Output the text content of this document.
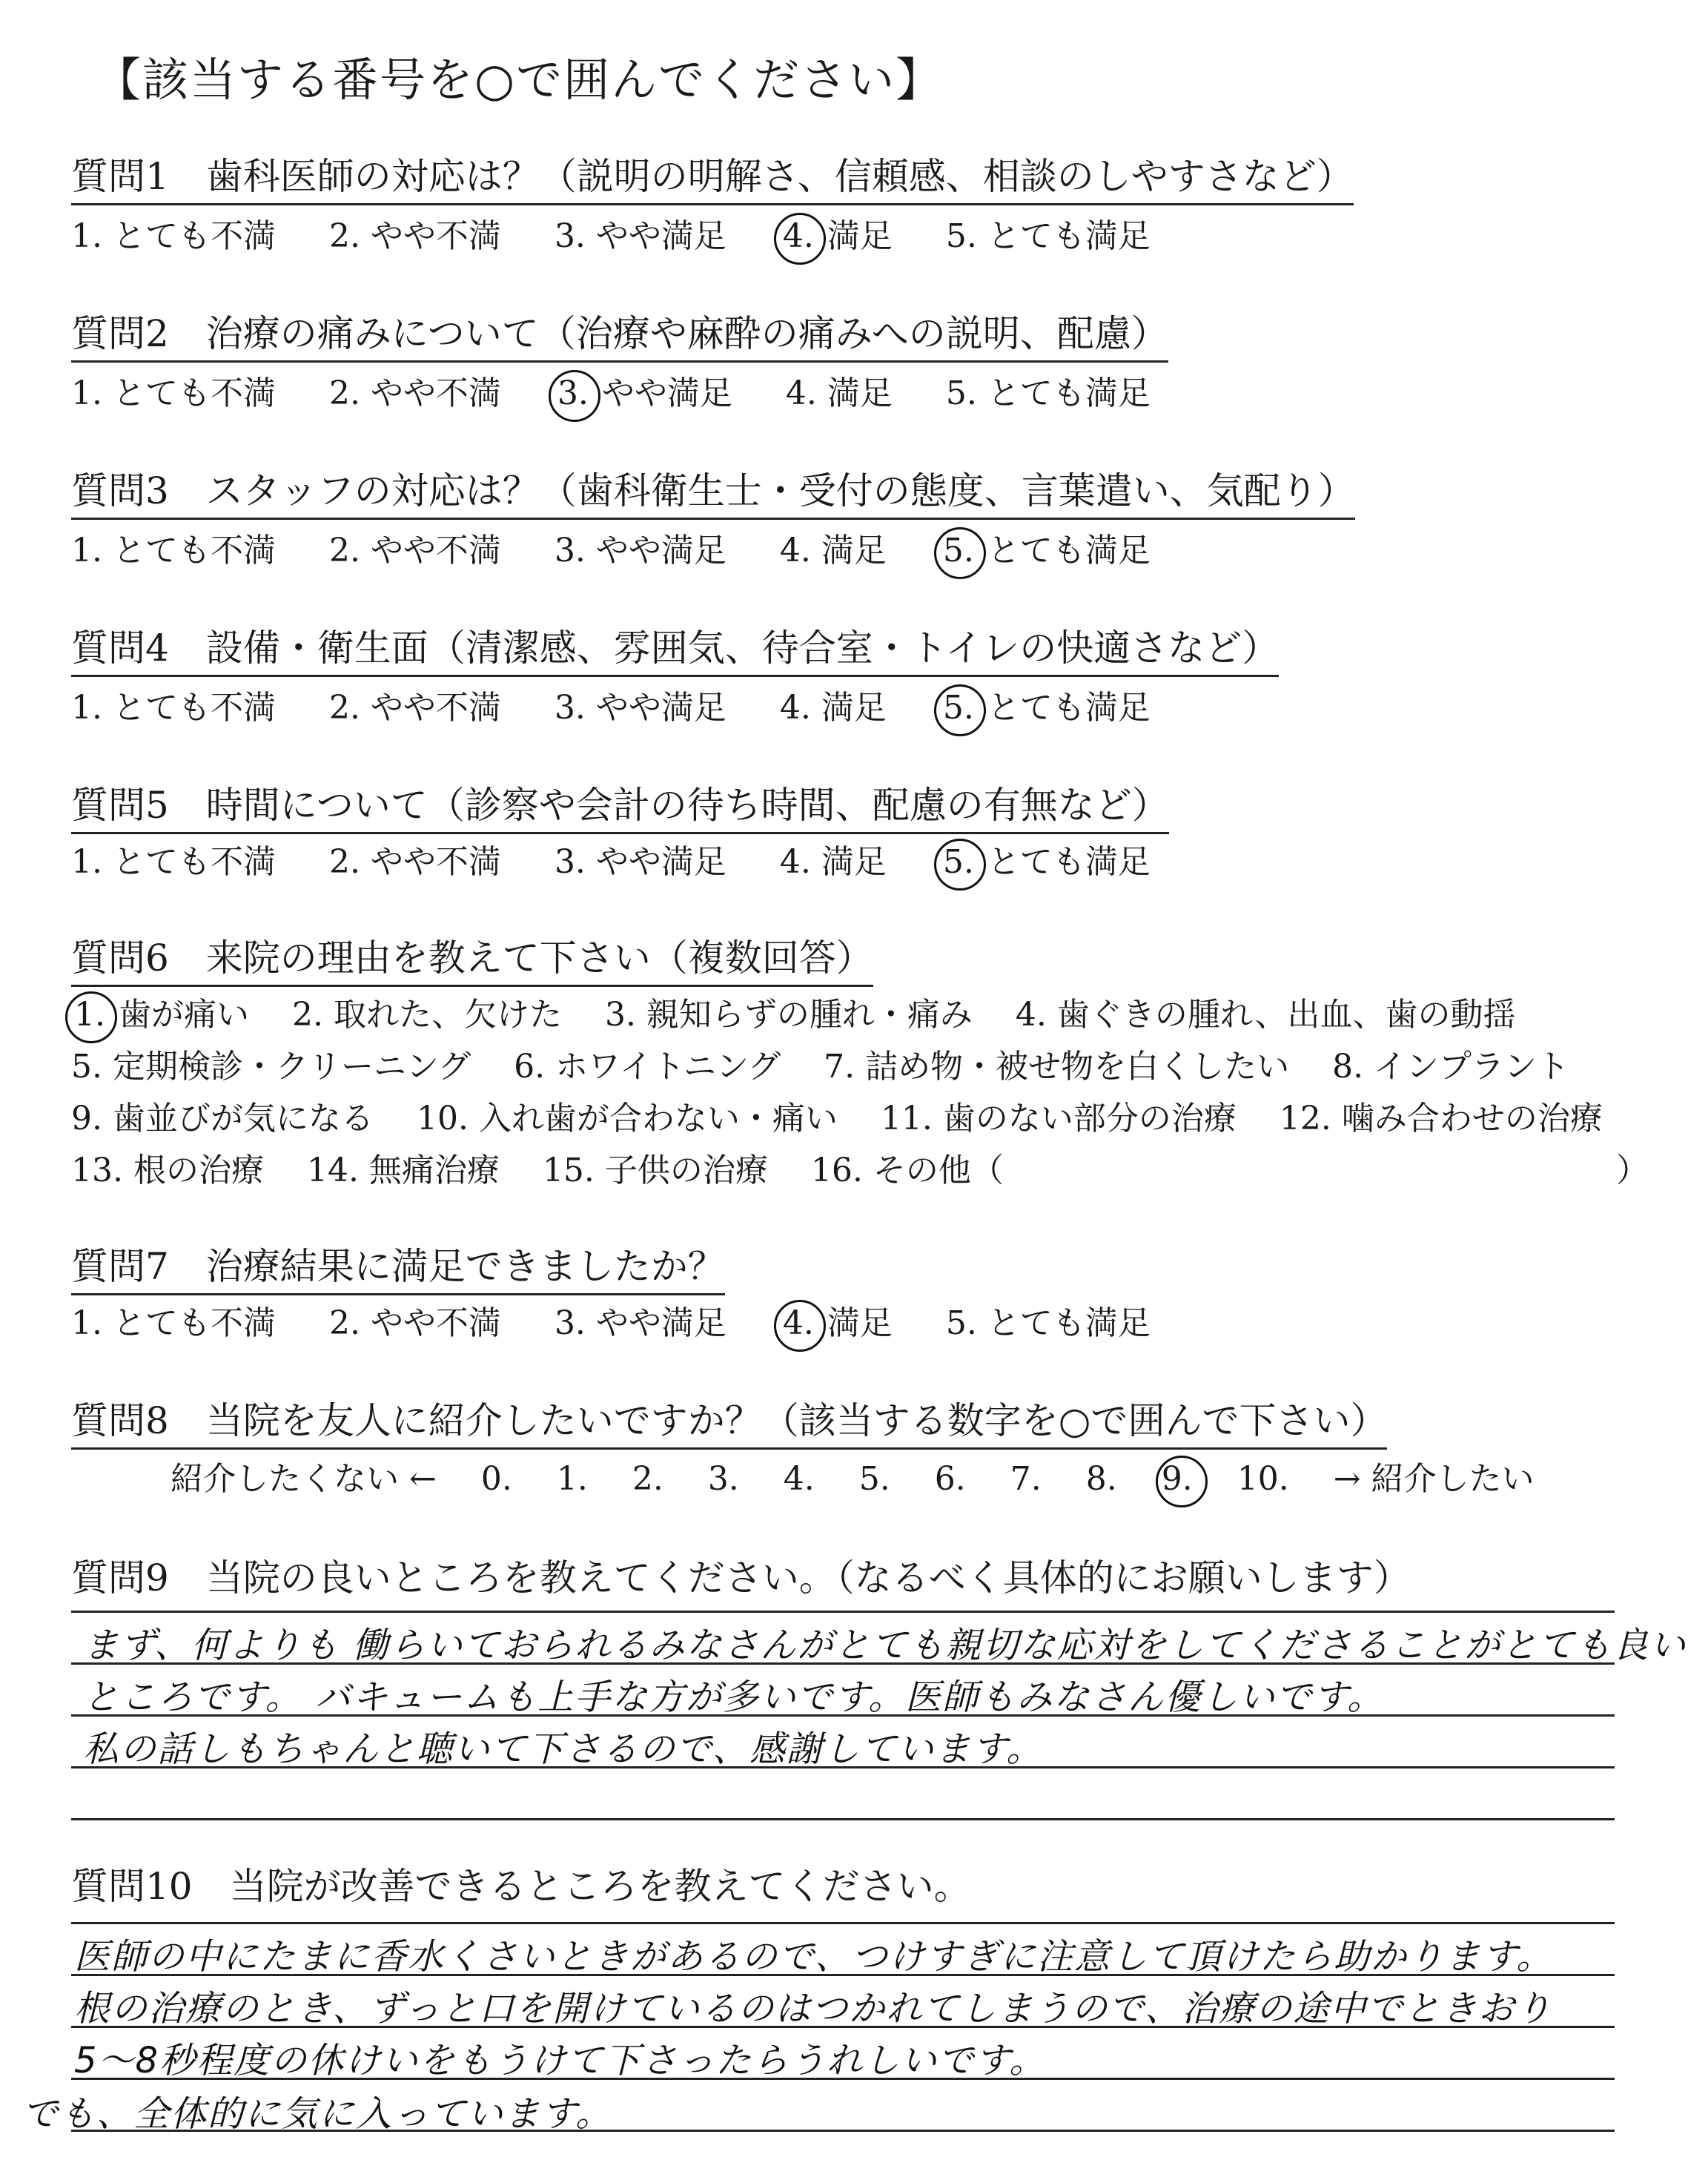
【該当する番号を○で囲んでください】
質問1　歯科医師の対応は？（説明の明解さ、信頼感、相談のしやすさなど）
1. とても不満 2. やや不満 3. やや満足 4. 満足 5. とても満足
質問2　治療の痛みについて（治療や麻酔の痛みへの説明、配慮）
1. とても不満 2. やや不満 3. やや満足 4. 満足 5. とても満足
質問3　スタッフの対応は？（歯科衛生士・受付の態度、言葉遣い、気配り）
1. とても不満 2. やや不満 3. やや満足 4. 満足 5. とても満足
質問4　設備・衛生面（清潔感、雰囲気、待合室・トイレの快適さなど）
1. とても不満 2. やや不満 3. やや満足 4. 満足 5. とても満足
質問5　時間について（診察や会計の待ち時間、配慮の有無など）
1. とても不満 2. やや不満 3. やや満足 4. 満足 5. とても満足
質問6　来院の理由を教えて下さい（複数回答）
1. 歯が痛い 2. 取れた、欠けた 3. 親知らずの腫れ・痛み 4. 歯ぐきの腫れ、出血、歯の動揺
5. 定期検診・クリーニング 6. ホワイトニング 7. 詰め物・被せ物を白くしたい 8. インプラント
9. 歯並びが気になる 10. 入れ歯が合わない・痛い 11. 歯のない部分の治療 12. 噛み合わせの治療
13. 根の治療 14. 無痛治療 15. 子供の治療 16. その他（	）
質問7　治療結果に満足できましたか？
1. とても不満 2. やや不満 3. やや満足 4. 満足 5. とても満足
質問8　当院を友人に紹介したいですか？（該当する数字を○で囲んで下さい）
紹介したくない ← 0. 1. 2. 3. 4. 5. 6. 7. 8. 9. 10. → 紹介したい
質問9　当院の良いところを教えてください。（なるべく具体的にお願いします）
まず、何よりも 働らいておられるみなさんがとても親切な応対をしてくださることがとても良い
ところです。 バキュームも上手な方が多いです。医師もみなさん優しいです。
私の話しもちゃんと聴いて下さるので、感謝しています。
質問10　当院が改善できるところを教えてください。
医師の中にたまに香水くさいときがあるので、つけすぎに注意して頂けたら助かります。
根の治療のとき、ずっと口を開けているのはつかれてしまうので、治療の途中でときおり
5〜8秒程度の休けいをもうけて下さったらうれしいです。
でも、全体的に気に入っています。
